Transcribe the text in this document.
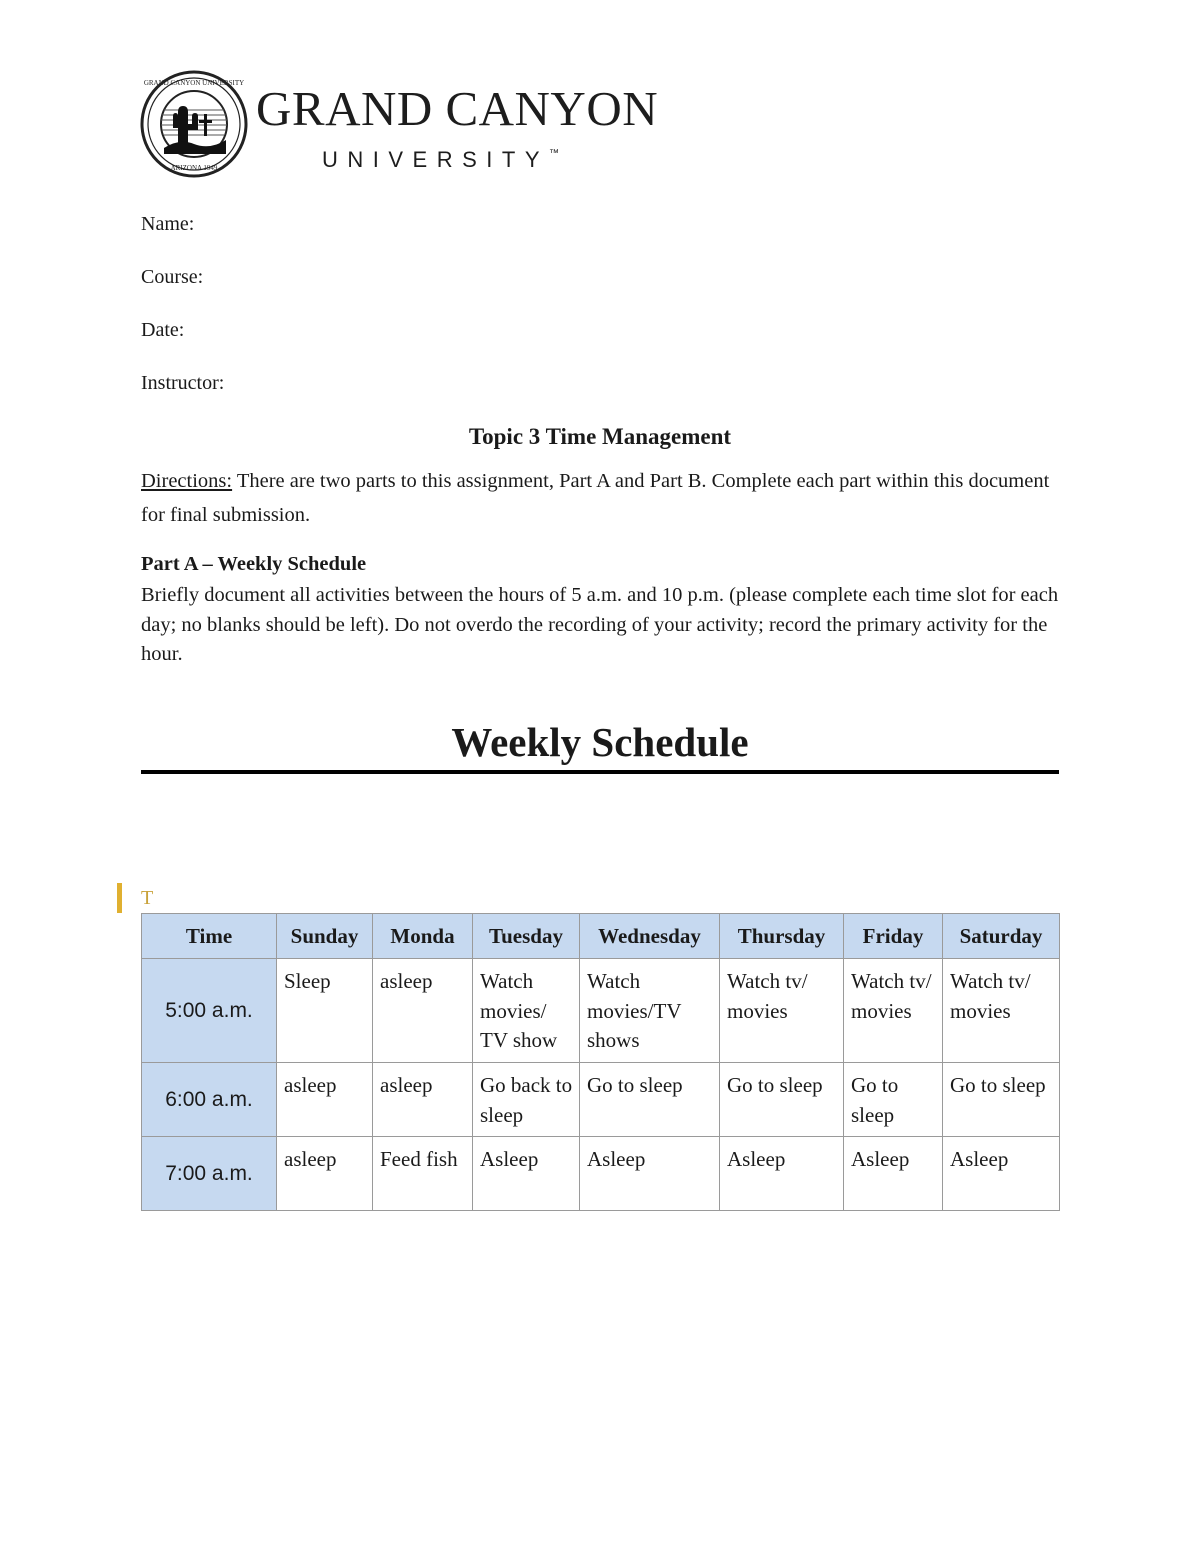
GRAND CANYON UNIVERSITY
ARIZONA 1949
GRAND CANYON
UNIVERSITY™
Name:
Course:
Date:
Instructor:
Topic 3 Time Management
Directions: There are two parts to this assignment, Part A and Part B. Complete each part within this document for final submission.
Part A – Weekly Schedule
Briefly document all activities between the hours of 5 a.m. and 10 p.m. (please complete each time slot for each day; no blanks should be left). Do not overdo the recording of your activity; record the primary activity for the hour.
Weekly Schedule
T
Time	Sunday	Monda	Tuesday	Wednesday	Thursday	Friday	Saturday
5:00 a.m.	Sleep	asleep	Watch movies/ TV show	Watch movies/TV shows	Watch tv/ movies	Watch tv/ movies	Watch tv/ movies
6:00 a.m.	asleep	asleep	Go back to sleep	Go to sleep	Go to sleep	Go to sleep	Go to sleep
7:00 a.m.	asleep	Feed fish	Asleep	Asleep	Asleep	Asleep	Asleep
